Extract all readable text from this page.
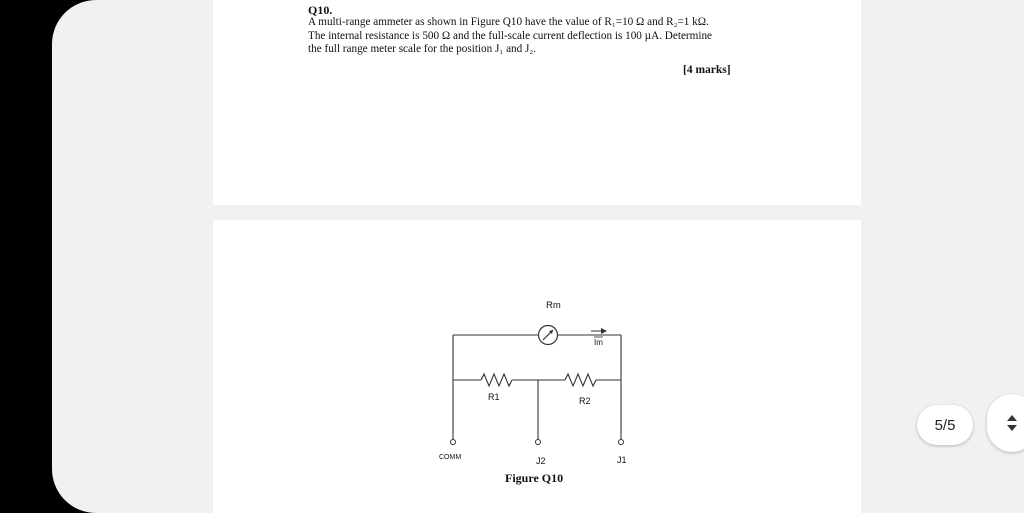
Q10.
A multi-range ammeter as shown in Figure Q10 have the value of R₁=10 Ω and R₂=1 kΩ.
The internal resistance is 500 Ω and the full-scale current deflection is 100 µA. Determine
the full range meter scale for the position J₁ and J₂.
[4 marks]
Rm
Im
R1	R2
COMM	J2	J1
Figure Q10
5/5
